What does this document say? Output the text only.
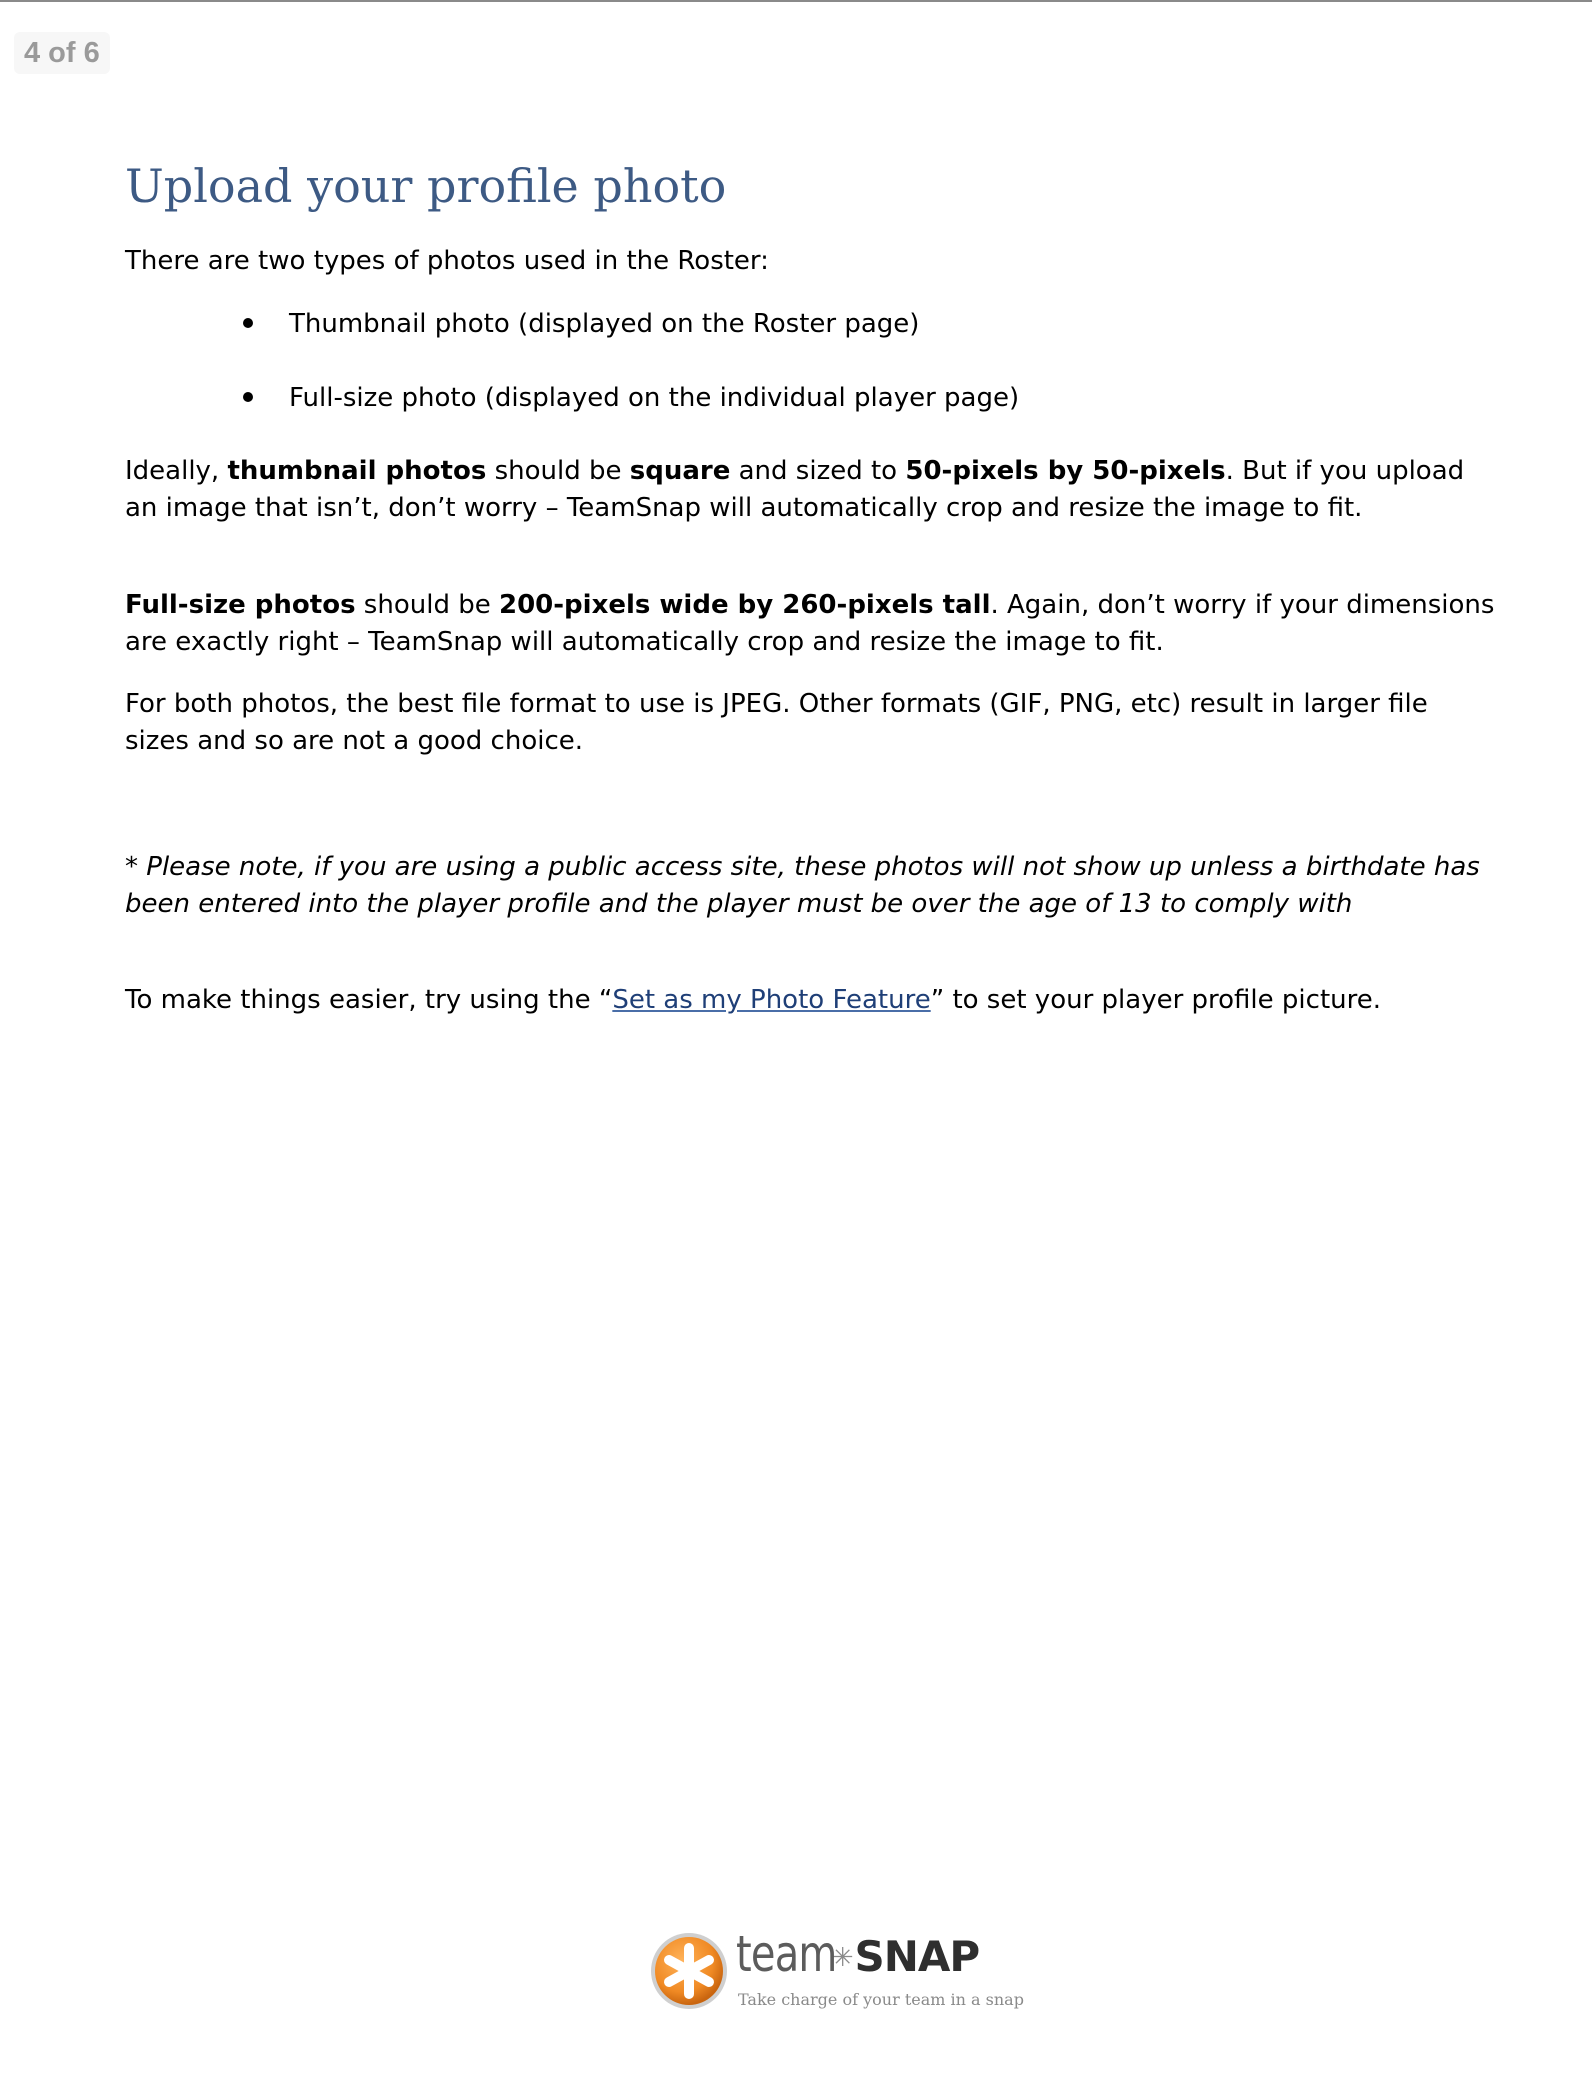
4 of 6
Upload your profile photo

There are two types of photos used in the Roster:

Thumbnail photo (displayed on the Roster page)

Full-size photo (displayed on the individual player page)

Ideally, thumbnail photos should be square and sized to 50-pixels by 50-pixels. But if you upload an image that isn’t, don’t worry – TeamSnap will automatically crop and resize the image to fit.

Full-size photos should be 200-pixels wide by 260-pixels tall. Again, don’t worry if your dimensions are exactly right – TeamSnap will automatically crop and resize the image to fit.

For both photos, the best file format to use is JPEG. Other formats (GIF, PNG, etc) result in larger file sizes and so are not a good choice.

* Please note, if you are using a public access site, these photos will not show up unless a birthdate has been entered into the player profile and the player must be over the age of 13 to comply with

To make things easier, try using the “Set as my Photo Feature” to set your player profile picture.

team✳SNAP
Take charge of your team in a snap
